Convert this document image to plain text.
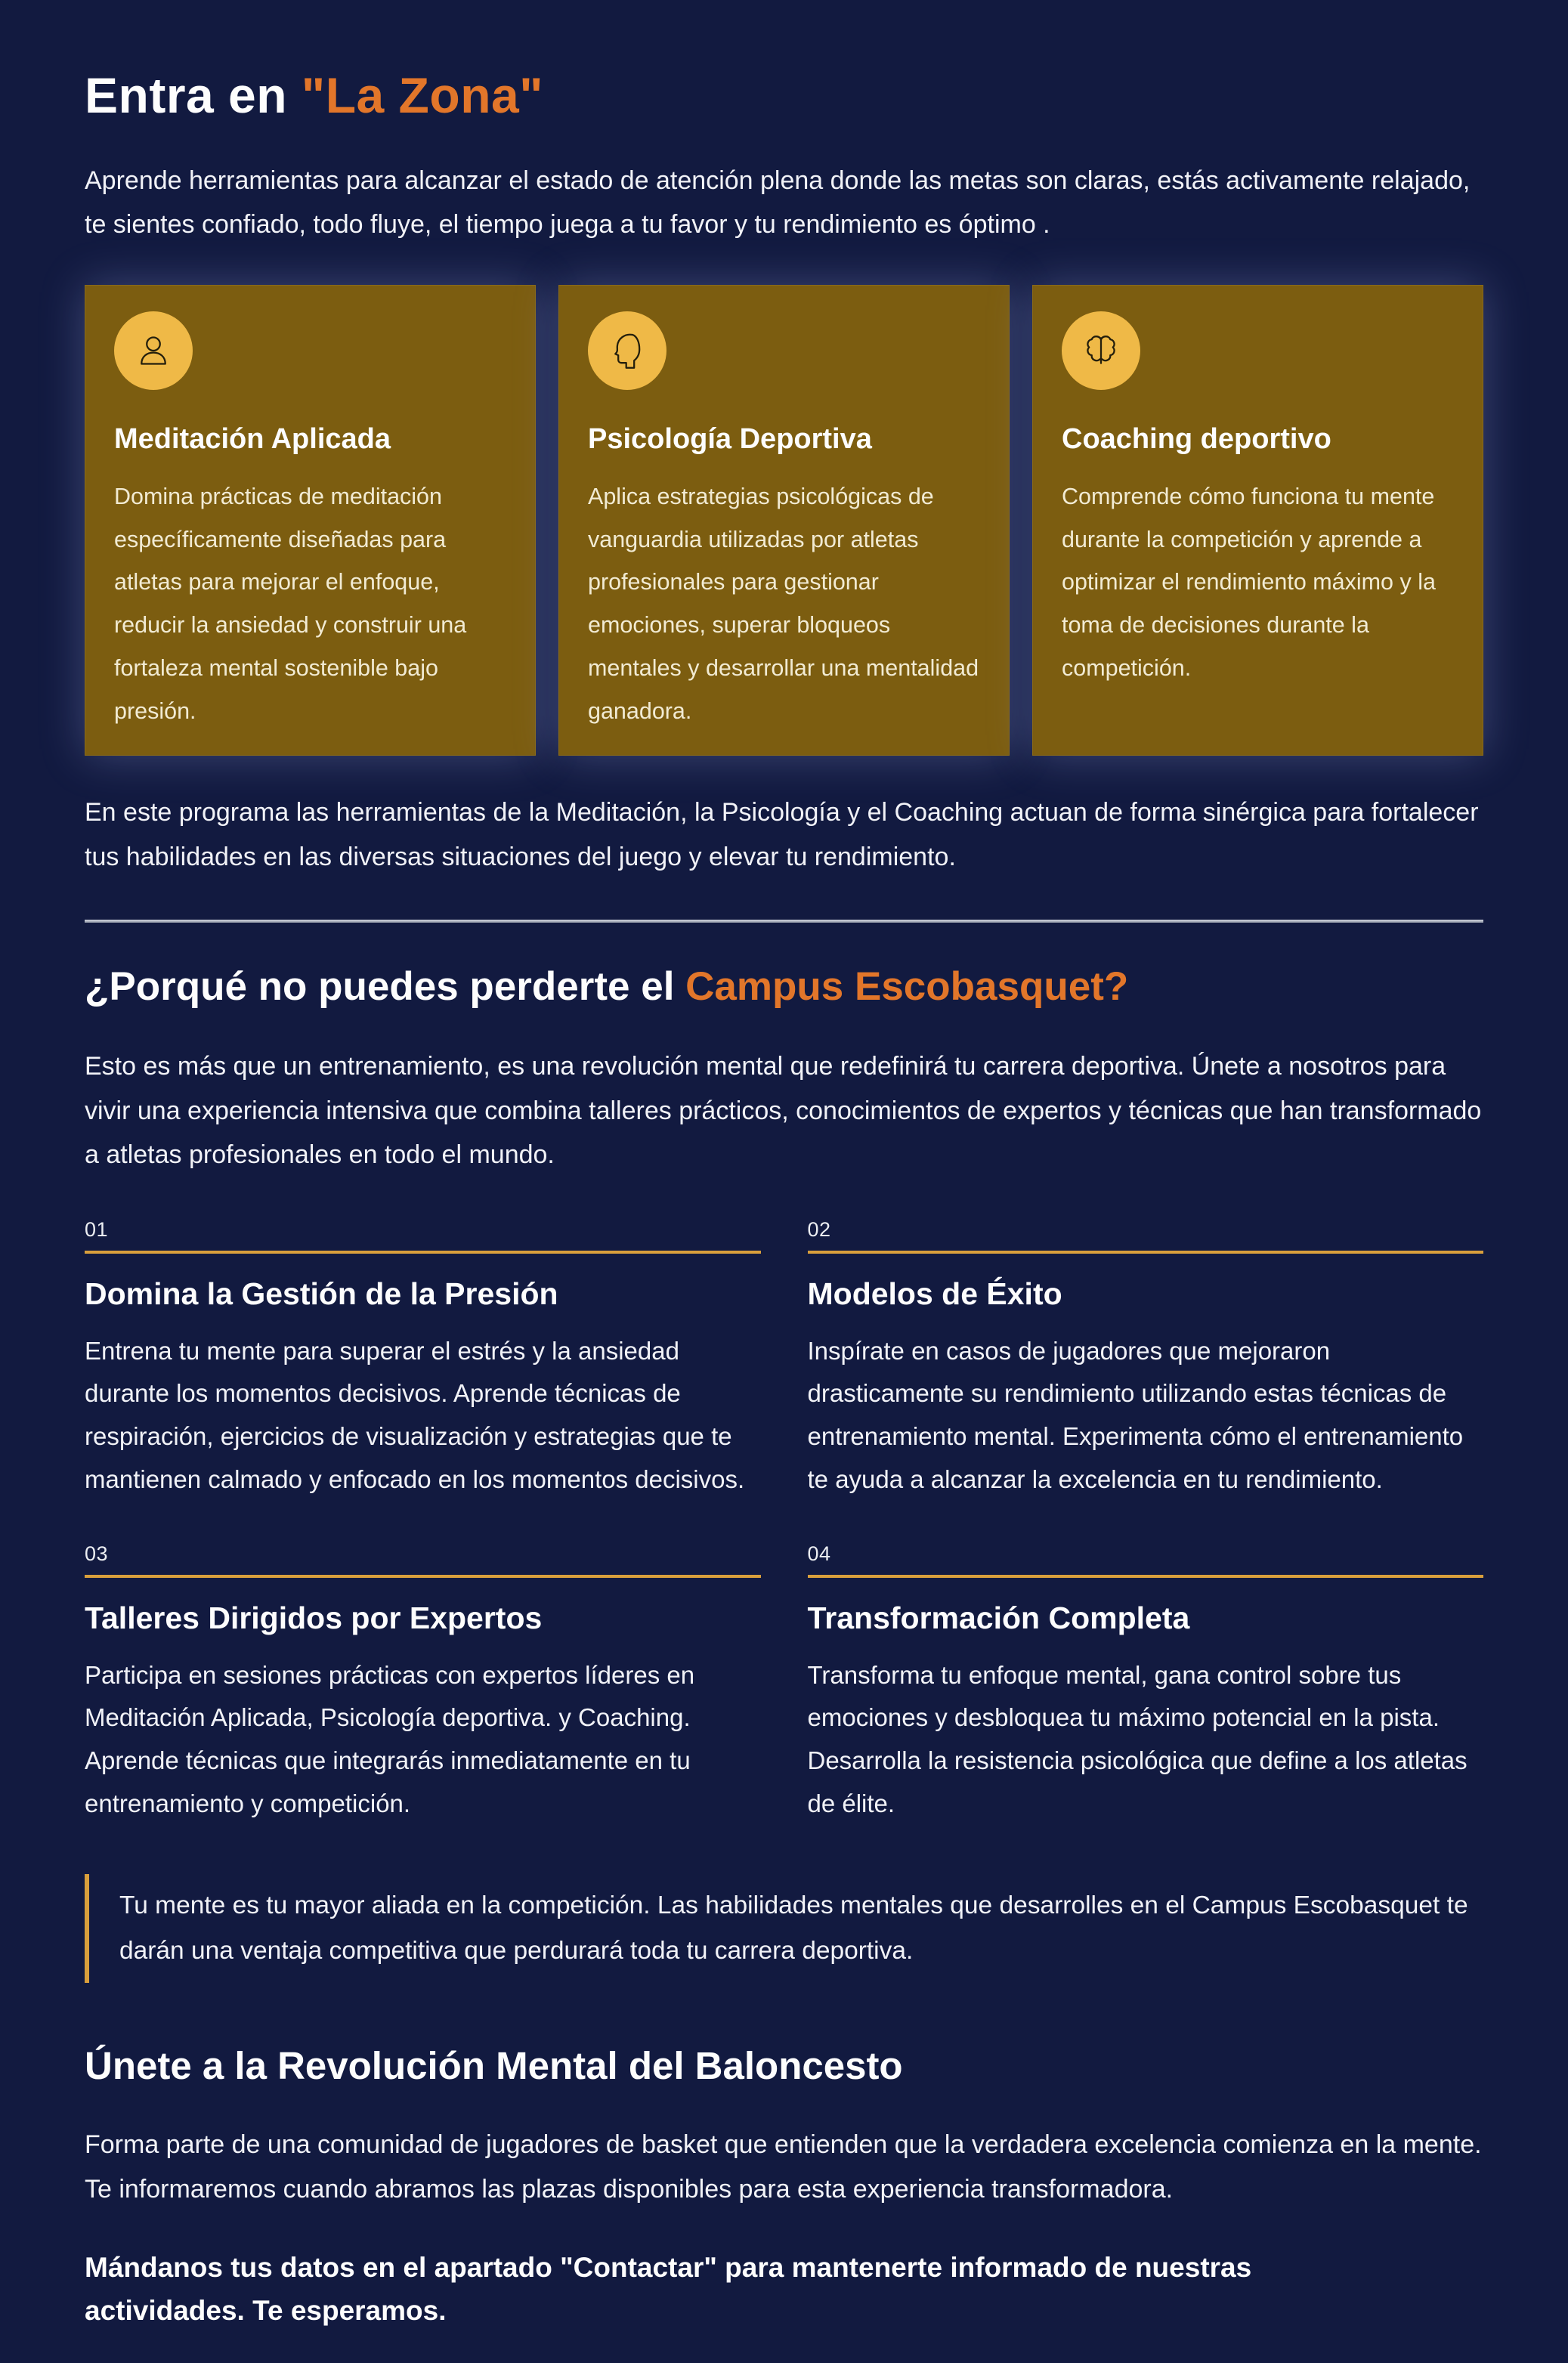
Entra en "La Zona"

Aprende herramientas para alcanzar el estado de atención plena donde las metas son claras, estás activamente relajado, te sientes confiado, todo fluye, el tiempo juega a tu favor y tu rendimiento es óptimo .

Meditación Aplicada

Domina prácticas de meditación específicamente diseñadas para atletas para mejorar el enfoque, reducir la ansiedad y construir una fortaleza mental sostenible bajo presión.

Psicología Deportiva

Aplica estrategias psicológicas de vanguardia utilizadas por atletas profesionales para gestionar emociones, superar bloqueos mentales y desarrollar una mentalidad ganadora.

Coaching deportivo

Comprende cómo funciona tu mente durante la competición y aprende a optimizar el rendimiento máximo y la toma de decisiones durante la competición.

En este programa las herramientas de la Meditación, la Psicología y el Coaching actuan de forma sinérgica para fortalecer tus habilidades en las diversas situaciones del juego y elevar tu rendimiento.

¿Porqué no puedes perderte el Campus Escobasquet?

Esto es más que un entrenamiento, es una revolución mental que redefinirá tu carrera deportiva. Únete a nosotros para vivir una experiencia intensiva que combina talleres prácticos, conocimientos de expertos y técnicas que han transformado a atletas profesionales en todo el mundo.

01
Domina la Gestión de la Presión

Entrena tu mente para superar el estrés y la ansiedad durante los momentos decisivos. Aprende técnicas de respiración, ejercicios de visualización y estrategias que te mantienen calmado y enfocado en los momentos decisivos.

02
Modelos de Éxito

Inspírate en casos de jugadores que mejoraron drasticamente su rendimiento utilizando estas técnicas de entrenamiento mental. Experimenta cómo el entrenamiento te ayuda a alcanzar la excelencia en tu rendimiento.

03
Talleres Dirigidos por Expertos

Participa en sesiones prácticas con expertos líderes en Meditación Aplicada, Psicología deportiva. y Coaching. Aprende técnicas que integrarás inmediatamente en tu entrenamiento y competición.

04
Transformación Completa

Transforma tu enfoque mental, gana control sobre tus emociones y desbloquea tu máximo potencial en la pista. Desarrolla la resistencia psicológica que define a los atletas de élite.

Tu mente es tu mayor aliada en la competición. Las habilidades mentales que desarrolles en el Campus Escobasquet te darán una ventaja competitiva que perdurará toda tu carrera deportiva.
Únete a la Revolución Mental del Baloncesto

Forma parte de una comunidad de jugadores de basket que entienden que la verdadera excelencia comienza en la mente. Te informaremos cuando abramos las plazas disponibles para esta experiencia transformadora.

Mándanos tus datos en el apartado "Contactar" para mantenerte informado de nuestras actividades. Te esperamos.
